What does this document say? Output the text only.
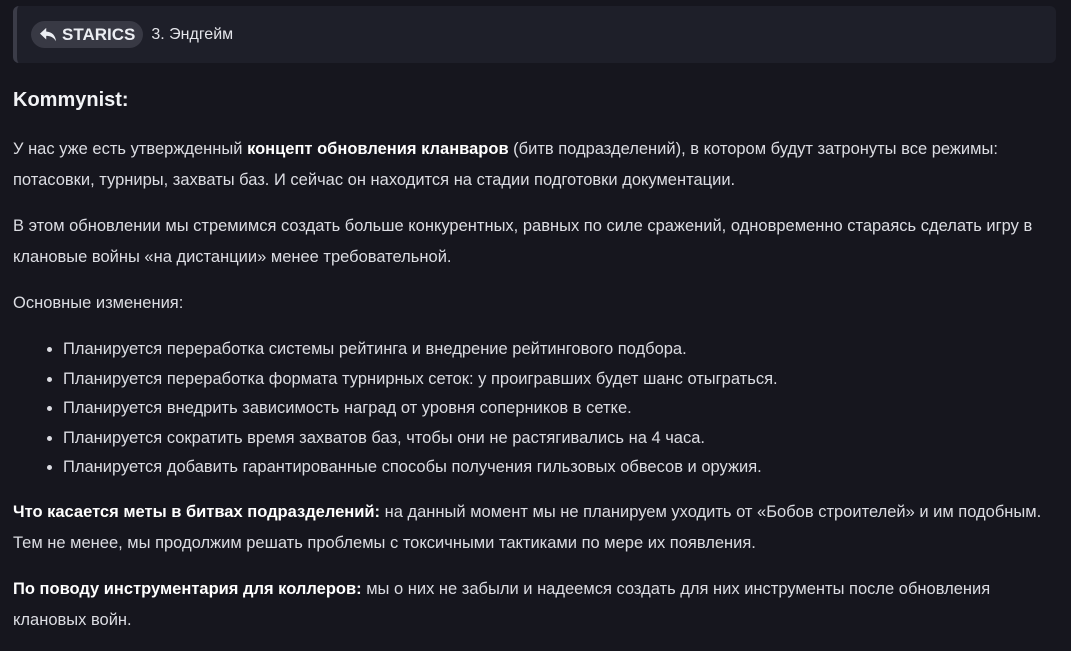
STARICS 3. Эндгейм
Kommynist:

У нас уже есть утвержденный концепт обновления кланваров (битв подразделений), в котором будут затронуты все режимы: потасовки, турниры, захваты баз. И сейчас он находится на стадии подготовки документации.

В этом обновлении мы стремимся создать больше конкурентных, равных по силе сражений, одновременно стараясь сделать игру в клановые войны «на дистанции» менее требовательной.

Основные изменения:

• Планируется переработка системы рейтинга и внедрение рейтингового подбора.
• Планируется переработка формата турнирных сеток: у проигравших будет шанс отыграться.
• Планируется внедрить зависимость наград от уровня соперников в сетке.
• Планируется сократить время захватов баз, чтобы они не растягивались на 4 часа.
• Планируется добавить гарантированные способы получения гильзовых обвесов и оружия.

Что касается меты в битвах подразделений: на данный момент мы не планируем уходить от «Бобов строителей» и им подобным. Тем не менее, мы продолжим решать проблемы с токсичными тактиками по мере их появления.

По поводу инструментария для коллеров: мы о них не забыли и надеемся создать для них инструменты после обновления клановых войн.
